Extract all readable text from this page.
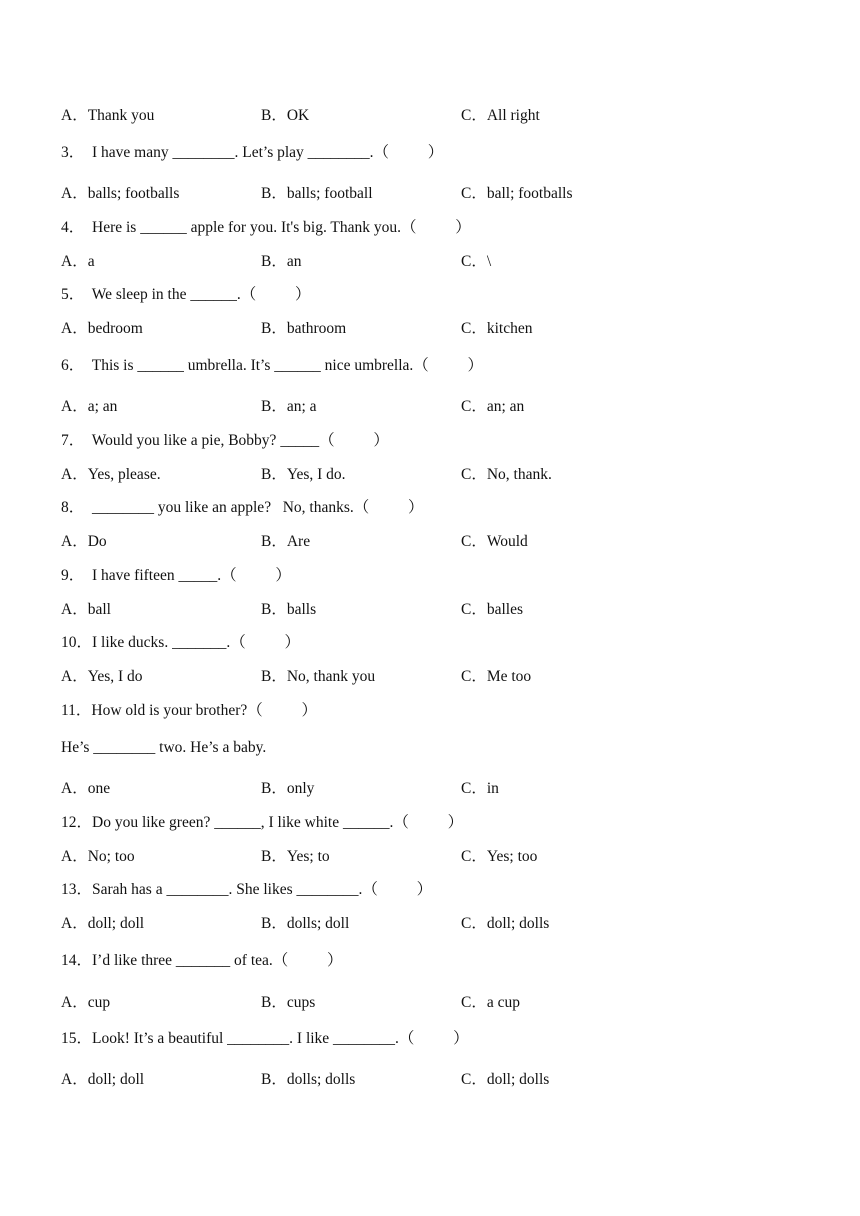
A．Thank you	B．OK	C．All right
3．  I have many ________. Let’s play ________.（          ）
A．balls; footballs	B．balls; football	C．ball; footballs
4．  Here is ______ apple for you. It's big. Thank you.（          ）
A．a	B．an	C．\
5．  We sleep in the ______.（          ）
A．bedroom	B．bathroom	C．kitchen
6．  This is ______ umbrella. It’s ______ nice umbrella.（          ）
A．a; an	B．an; a	C．an; an
7．  Would you like a pie, Bobby? _____（          ）
A．Yes, please.	B．Yes, I do.	C．No, thank.
8．  ________ you like an apple?   No, thanks.（          ）
A．Do	B．Are	C．Would
9．  I have fifteen _____.（          ）
A．ball	B．balls	C．balles
10．I like ducks. _______.（          ）
A．Yes, I do	B．No, thank you	C．Me too
11．How old is your brother?（          ）
He’s ________ two. He’s a baby.
A．one	B．only	C．in
12．Do you like green? ______, I like white ______.（          ）
A．No; too	B．Yes; to	C．Yes; too
13．Sarah has a ________. She likes ________.（          ）
A．doll; doll	B．dolls; doll	C．doll; dolls
14．I’d like three _______ of tea.（          ）
A．cup	B．cups	C．a cup
15．Look! It’s a beautiful ________. I like ________.（          ）
A．doll; doll	B．dolls; dolls	C．doll; dolls
